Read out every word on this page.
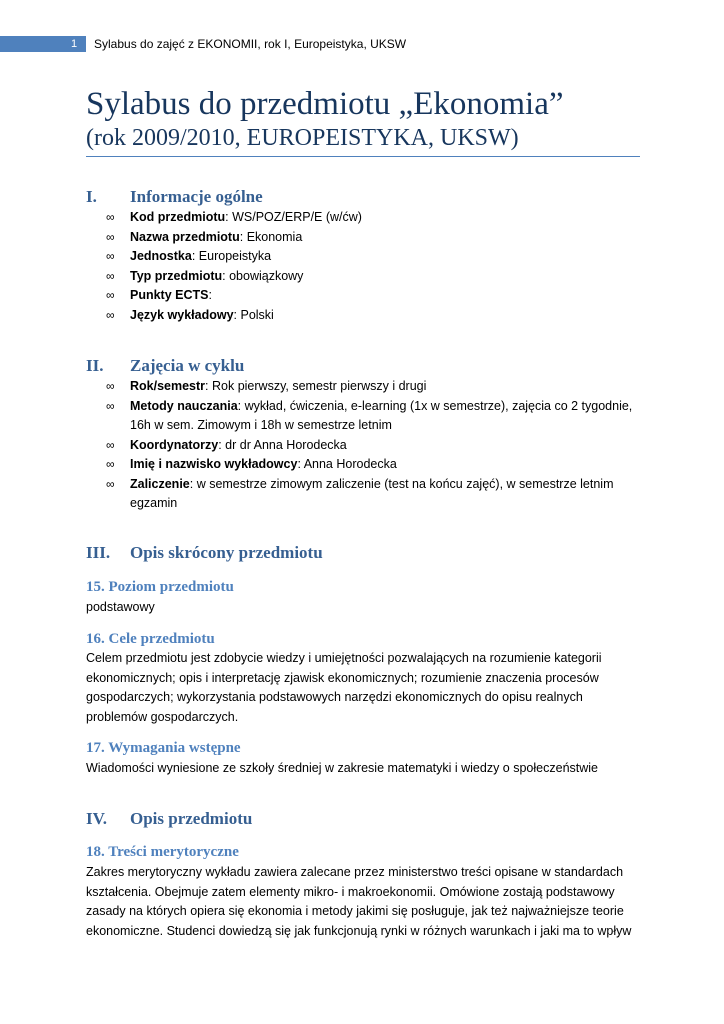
1	Sylabus do zajęć z EKONOMII, rok I, Europeistyka, UKSW
Sylabus do przedmiotu „Ekonomia”
(rok 2009/2010, EUROPEISTYKA, UKSW)
I. Informacje ogólne
∞ Kod przedmiotu: WS/POZ/ERP/E (w/ćw)
∞ Nazwa przedmiotu: Ekonomia
∞ Jednostka: Europeistyka
∞ Typ przedmiotu: obowiązkowy
∞ Punkty ECTS:
∞ Język wykładowy: Polski
II. Zajęcia w cyklu
∞ Rok/semestr: Rok pierwszy, semestr pierwszy i drugi
∞ Metody nauczania: wykład, ćwiczenia, e-learning (1x w semestrze), zajęcia co 2 tygodnie, 16h w sem. Zimowym i 18h w semestrze letnim
∞ Koordynatorzy: dr dr Anna Horodecka
∞ Imię i nazwisko wykładowcy: Anna Horodecka
∞ Zaliczenie: w semestrze zimowym zaliczenie (test na końcu zajęć), w semestrze letnim egzamin
III. Opis skrócony przedmiotu
15. Poziom przedmiotu

podstawowy

16. Cele przedmiotu

Celem przedmiotu jest zdobycie wiedzy i umiejętności pozwalających na rozumienie kategorii ekonomicznych; opis i interpretację zjawisk ekonomicznych; rozumienie znaczenia procesów gospodarczych; wykorzystania podstawowych narzędzi ekonomicznych do opisu realnych problemów gospodarczych.

17. Wymagania wstępne

Wiadomości wyniesione ze szkoły średniej w zakresie matematyki i wiedzy o społeczeństwie

IV. Opis przedmiotu
18. Treści merytoryczne

Zakres merytoryczny wykładu zawiera zalecane przez ministerstwo treści opisane w standardach kształcenia. Obejmuje zatem elementy mikro- i makroekonomii. Omówione zostają podstawowy zasady na których opiera się ekonomia i metody jakimi się posługuje, jak też najważniejsze teorie ekonomiczne. Studenci dowiedzą się jak funkcjonują rynki w różnych warunkach i jaki ma to wpływ
